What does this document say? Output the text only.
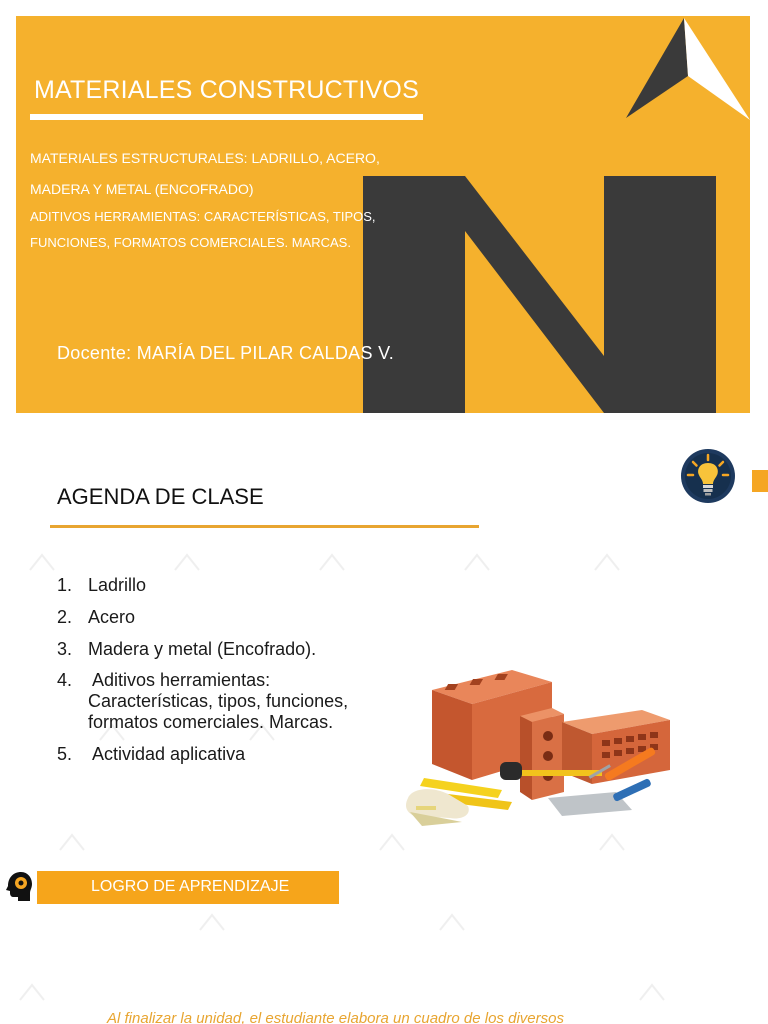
MATERIALES CONSTRUCTIVOS
MATERIALES ESTRUCTURALES: LADRILLO, ACERO,
MADERA Y METAL (ENCOFRADO)
ADITIVOS HERRAMIENTAS: CARACTERÍSTICAS, TIPOS,
FUNCIONES, FORMATOS COMERCIALES. MARCAS.
Docente: MARÍA DEL PILAR CALDAS V.
AGENDA DE CLASE
1. Ladrillo
2. Acero
3. Madera y metal (Encofrado).
4. Aditivos herramientas:
Características, tipos, funciones,
formatos comerciales. Marcas.
5. Actividad aplicativa
LOGRO DE APRENDIZAJE
Al finalizar la unidad, el estudiante elabora un cuadro de los diversos
